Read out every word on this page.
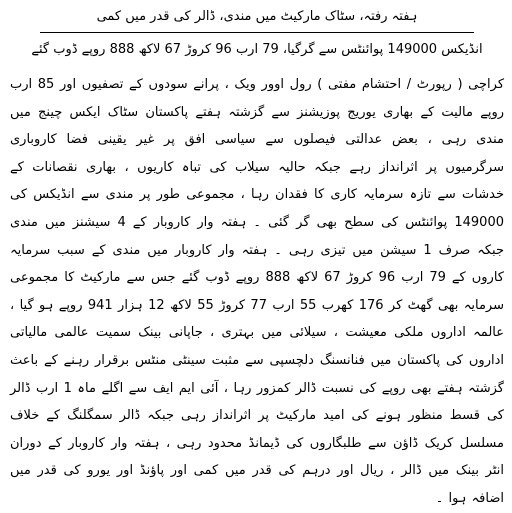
ہفتہ رفتہ، سٹاک مارکیٹ میں مندی، ڈالر کی قدر میں کمی
انڈیکس 149000 پوائنٹس سے گرگیا، 79 ارب 96 کروڑ 67 لاکھ 888 روپے ڈوب گئے

کراچی ( رپورٹ / احتشام مفتی ) رول اوور ویک ، پرانے سودوں کے تصفیوں اور 85 ارب روپے مالیت کے بھاری یوریج پوزیشنز سے گزشتہ ہفتے پاکستان سٹاک ایکس چینج میں مندی رہی ، بعض عدالتی فیصلوں سے سیاسی افق پر غیر یقینی فضا کاروباری سرگرمیوں پر اثرانداز رہے جبکہ حالیہ سیلاب کی تباہ کاریوں ، بھاری نقصانات کے خدشات سے تازہ سرمایہ کاری کا فقدان رہا ، مجموعی طور پر مندی سے انڈیکس کی 149000 پوائنٹس کی سطح بھی گر گئی ۔ ہفتہ وار کاروبار کے 4 سیشنز میں مندی جبکہ صرف 1 سیشن میں تیزی رہی ۔ ہفتہ وار کاروبار میں مندی کے سبب سرمایہ کاروں کے 79 ارب 96 کروڑ 67 لاکھ 888 روپے ڈوب گئے جس سے مارکیٹ کا مجموعی سرمایہ بھی گھٹ کر 176 کھرب 55 ارب 77 کروڑ 55 لاکھ 12 ہزار 941 روپے ہو گیا ، عالمہ اداروں ملکی معیشت ، سیلائی میں بہتری ، جاپانی بینک سمیت عالمی مالیاتی اداروں کی پاکستان میں فنانسنگ دلچسپی سے مثبت سینٹی منٹس برقرار رہنے کے باعث گزشتہ ہفتے بھی روپے کی نسبت ڈالر کمزور رہا ، آئی ایم ایف سے اگلے ماہ 1 ارب ڈالر کی قسط منظور ہونے کی امید مارکیٹ پر اثرانداز رہی جبکہ ڈالر سمگلنگ کے خلاف مسلسل کریک ڈاؤن سے طلبگاروں کی ڈیمانڈ محدود رہی ، ہفتہ وار کاروبار کے دوران انٹر بینک میں ڈالر ، ریال اور درہم کی قدر میں کمی اور پاؤنڈ اور یورو کی قدر میں اضافہ ہوا ۔
